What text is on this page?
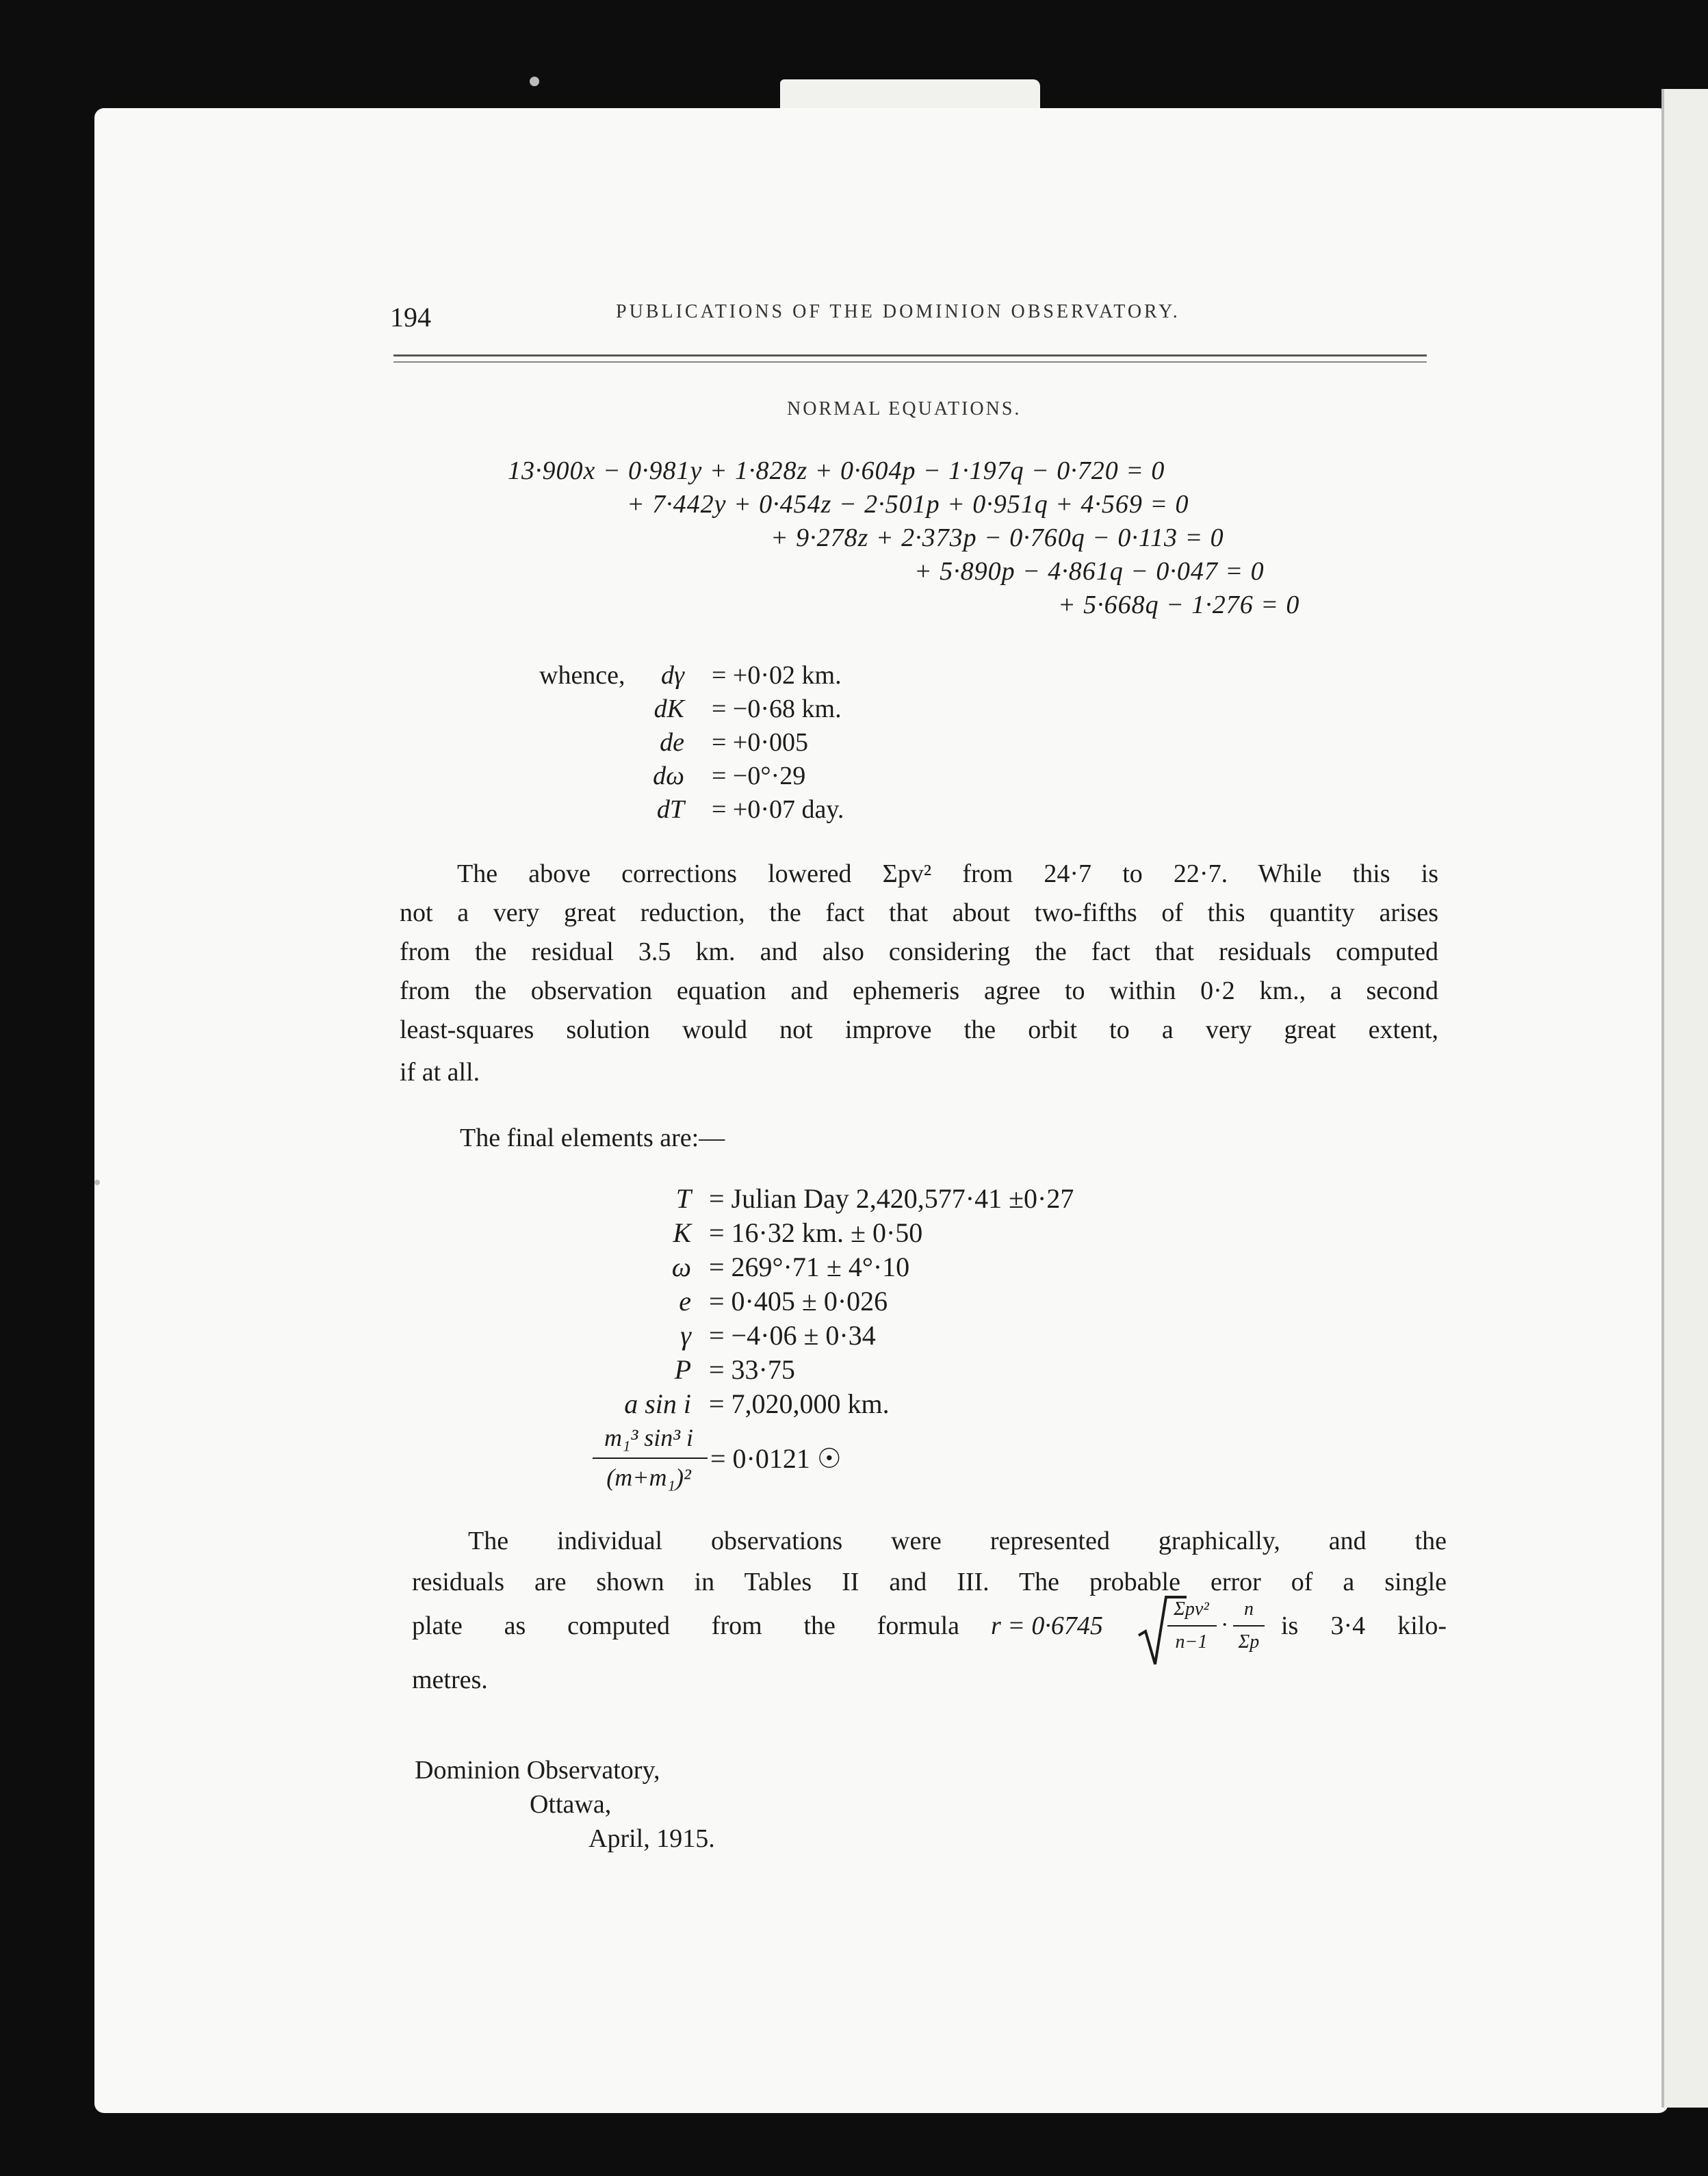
194	PUBLICATIONS OF THE DOMINION OBSERVATORY.
NORMAL EQUATIONS.
13·900x − 0·981y + 1·828z + 0·604p − 1·197q − 0·720 = 0
+ 7·442y + 0·454z − 2·501p + 0·951q + 4·569 = 0
+ 9·278z + 2·373p − 0·760q − 0·113 = 0
+ 5·890p − 4·861q − 0·047 = 0
+ 5·668q − 1·276 = 0
whence,	dγ = +0·02 km.
dK = −0·68 km.
de = +0·005
dω = −0°·29
dT = +0·07 day.
The above corrections lowered Σpv² from 24·7 to 22·7. While this is
not a very great reduction, the fact that about two-fifths of this quantity arises
from the residual 3.5 km. and also considering the fact that residuals computed
from the observation equation and ephemeris agree to within 0·2 km., a second
least-squares solution would not improve the orbit to a very great extent,
if at all.
The final elements are:—
T = Julian Day 2,420,577·41 ±0·27
K = 16·32 km. ± 0·50
ω = 269°·71 ± 4°·10
e = 0·405 ± 0·026
γ = −4·06 ± 0·34
P = 33·75
a sin i = 7,020,000 km.
m₁³ sin³ i
(m+m₁)²
= 0·0121 ☉
The individual observations were represented graphically, and the
residuals are shown in Tables II and III. The probable error of a single
plate as computed from the formula r = 0·6745
Σpv²
n−1
·
n
Σp
is 3·4 kilo-
metres.
Dominion Observatory,
Ottawa,
April, 1915.
